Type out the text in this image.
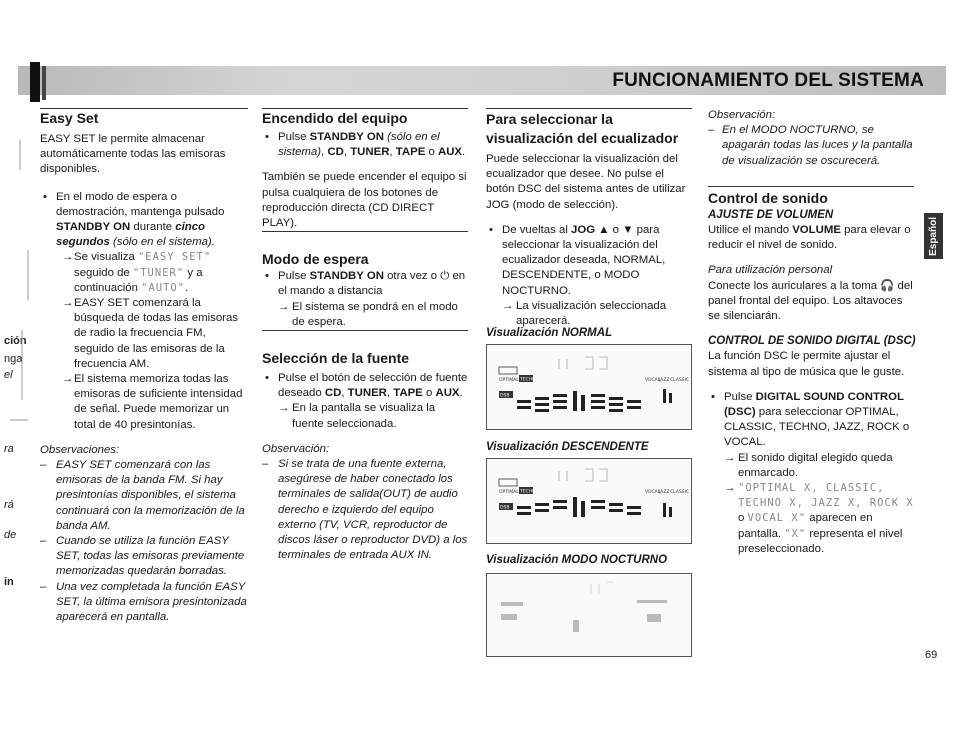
FUNCIONAMIENTO DEL SISTEMA
ción
nga
el
ra
rá
de
in
Easy Set

EASY SET le permite almacenar automáticamente todas las emisoras disponibles.

• En el modo de espera o demostración, mantenga pulsado STANDBY ON durante cinco segundos (sólo en el sistema).
→ Se visualiza "EASY SET" seguido de "TUNER" y a continuación "AUTO".
→ EASY SET comenzará la búsqueda de todas las emisoras de radio la frecuencia FM, seguido de las emisoras de la frecuencia AM.
→ El sistema memoriza todas las emisoras de suficiente intensidad de señal. Puede memorizar un total de 40 presintonías.

Observaciones:

– EASY SET comenzará con las emisoras de la banda FM. Si hay presintonías disponibles, el sistema continuará con la memorización de la banda AM.
– Cuando se utiliza la función EASY SET, todas las emisoras previamente memorizadas quedarán borradas.
– Una vez completada la función EASY SET, la última emisora presintonizada aparecerá en pantalla.
Encendido del equipo
• Pulse STANDBY ON (sólo en el sistema), CD, TUNER, TAPE o AUX.

También se puede encender el equipo si pulsa cualquiera de los botones de reproducción directa (CD DIRECT PLAY).

Modo de espera
• Pulse STANDBY ON otra vez o ⏻ en el mando a distancia
→ El sistema se pondrá en el modo de espera.
Selección de la fuente
• Pulse el botón de selección de fuente deseado CD, TUNER, TAPE o AUX.
→ En la pantalla se visualiza la fuente seleccionada.

Observación:

– Si se trata de una fuente externa, asegúrese de haber conectado los terminales de salida(OUT) de audio derecho e izquierdo del equipo externo (TV, VCR, reproductor de discos láser o reproductor DVD) a los terminales de entrada AUX IN.
Para seleccionar la visualización del ecualizador

Puede seleccionar la visualización del ecualizador que desee. No pulse el botón DSC del sistema antes de utilizar JOG (modo de selección).

• De vueltas al JOG ▲ o ▼ para seleccionar la visualización del ecualizador deseada, NORMAL, DESCENDENTE, o MODO NOCTURNO.
→ La visualización seleccionada aparecerá.
Visualización NORMAL
Visualización DESCENDENTE
Visualización MODO NOCTURNO
OPTIMAL TECHNO	VOCAL
JAZZ CLASSIC
DSB
OPTIMAL TECHNO	VOCAL
JAZZ CLASSIC
DSB

Observación:

– En el MODO NOCTURNO, se apagarán todas las luces y la pantalla de visualización se oscurecerá.
Control de sonido
AJUSTE DE VOLUMEN

Utilice el mando VOLUME para elevar o reducir el nivel de sonido.

Para utilización personal

Conecte los auriculares a la toma 🎧 del panel frontal del equipo. Los altavoces se silenciarán.

CONTROL DE SONIDO DIGITAL (DSC)

La función DSC le permite ajustar el sistema al tipo de música que le guste.

• Pulse DIGITAL SOUND CONTROL (DSC) para seleccionar OPTIMAL, CLASSIC, TECHNO, JAZZ, ROCK o VOCAL.
→ El sonido digital elegido queda enmarcado.
→ "OPTIMAL X, CLASSIC, TECHNO X, JAZZ X, ROCK X o VOCAL X" aparecen en pantalla. "X" representa el nivel preseleccionado.
Español
69
